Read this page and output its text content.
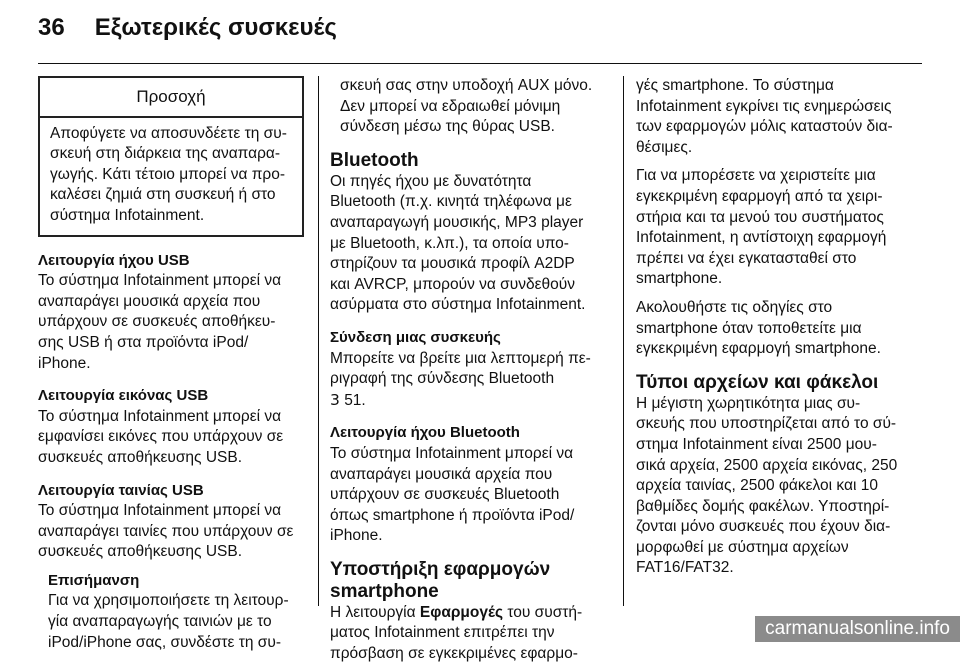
36 Εξωτερικές συσκευές
Προσοχή

Αποφύγετε να αποσυνδέετε τη συ-

σκευή στη διάρκεια της αναπαρα-

γωγής. Κάτι τέτοιο μπορεί να προ-

καλέσει ζημιά στη συσκευή ή στο

σύστημα Infotainment.

Λειτουργία ήχου USB

Το σύστημα Infotainment μπορεί να

αναπαράγει μουσικά αρχεία που

υπάρχουν σε συσκευές αποθήκευ-

σης USB ή στα προϊόντα iPod/

iPhone.

Λειτουργία εικόνας USB

Το σύστημα Infotainment μπορεί να

εμφανίσει εικόνες που υπάρχουν σε

συσκευές αποθήκευσης USB.

Λειτουργία ταινίας USB

Το σύστημα Infotainment μπορεί να

αναπαράγει ταινίες που υπάρχουν σε

συσκευές αποθήκευσης USB.

Επισήμανση

Για να χρησιμοποιήσετε τη λειτουρ-

γία αναπαραγωγής ταινιών με το

iPod/iPhone σας, συνδέστε τη συ-

σκευή σας στην υποδοχή AUX μόνο.

Δεν μπορεί να εδραιωθεί μόνιμη

σύνδεση μέσω της θύρας USB.

Bluetooth

Οι πηγές ήχου με δυνατότητα

Bluetooth (π.χ. κινητά τηλέφωνα με

αναπαραγωγή μουσικής, MP3 player

με Bluetooth, κ.λπ.), τα οποία υπο-

στηρίζουν τα μουσικά προφίλ A2DP

και AVRCP, μπορούν να συνδεθούν

ασύρματα στο σύστημα Infotainment.

Σύνδεση μιας συσκευής

Μπορείτε να βρείτε μια λεπτομερή πε-

ριγραφή της σύνδεσης Bluetooth

3 51.

Λειτουργία ήχου Bluetooth

Το σύστημα Infotainment μπορεί να

αναπαράγει μουσικά αρχεία που

υπάρχουν σε συσκευές Bluetooth

όπως smartphone ή προϊόντα iPod/

iPhone.

Υποστήριξη εφαρμογών

smartphone

Η λειτουργία Εφαρμογές του συστή-

ματος Infotainment επιτρέπει την

πρόσβαση σε εγκεκριμένες εφαρμο-

γές smartphone. Το σύστημα

Infotainment εγκρίνει τις ενημερώσεις

των εφαρμογών μόλις καταστούν δια-

θέσιμες.

Για να μπορέσετε να χειριστείτε μια

εγκεκριμένη εφαρμογή από τα χειρι-

στήρια και τα μενού του συστήματος

Infotainment, η αντίστοιχη εφαρμογή

πρέπει να έχει εγκατασταθεί στο

smartphone.

Ακολουθήστε τις οδηγίες στο

smartphone όταν τοποθετείτε μια

εγκεκριμένη εφαρμογή smartphone.

Τύποι αρχείων και φάκελοι

Η μέγιστη χωρητικότητα μιας συ-

σκευής που υποστηρίζεται από το σύ-

στημα Infotainment είναι 2500 μου-

σικά αρχεία, 2500 αρχεία εικόνας, 250

αρχεία ταινίας, 2500 φάκελοι και 10

βαθμίδες δομής φακέλων. Υποστηρί-

ζονται μόνο συσκευές που έχουν δια-

μορφωθεί με σύστημα αρχείων

FAT16/FAT32.

carmanualsonline.info
